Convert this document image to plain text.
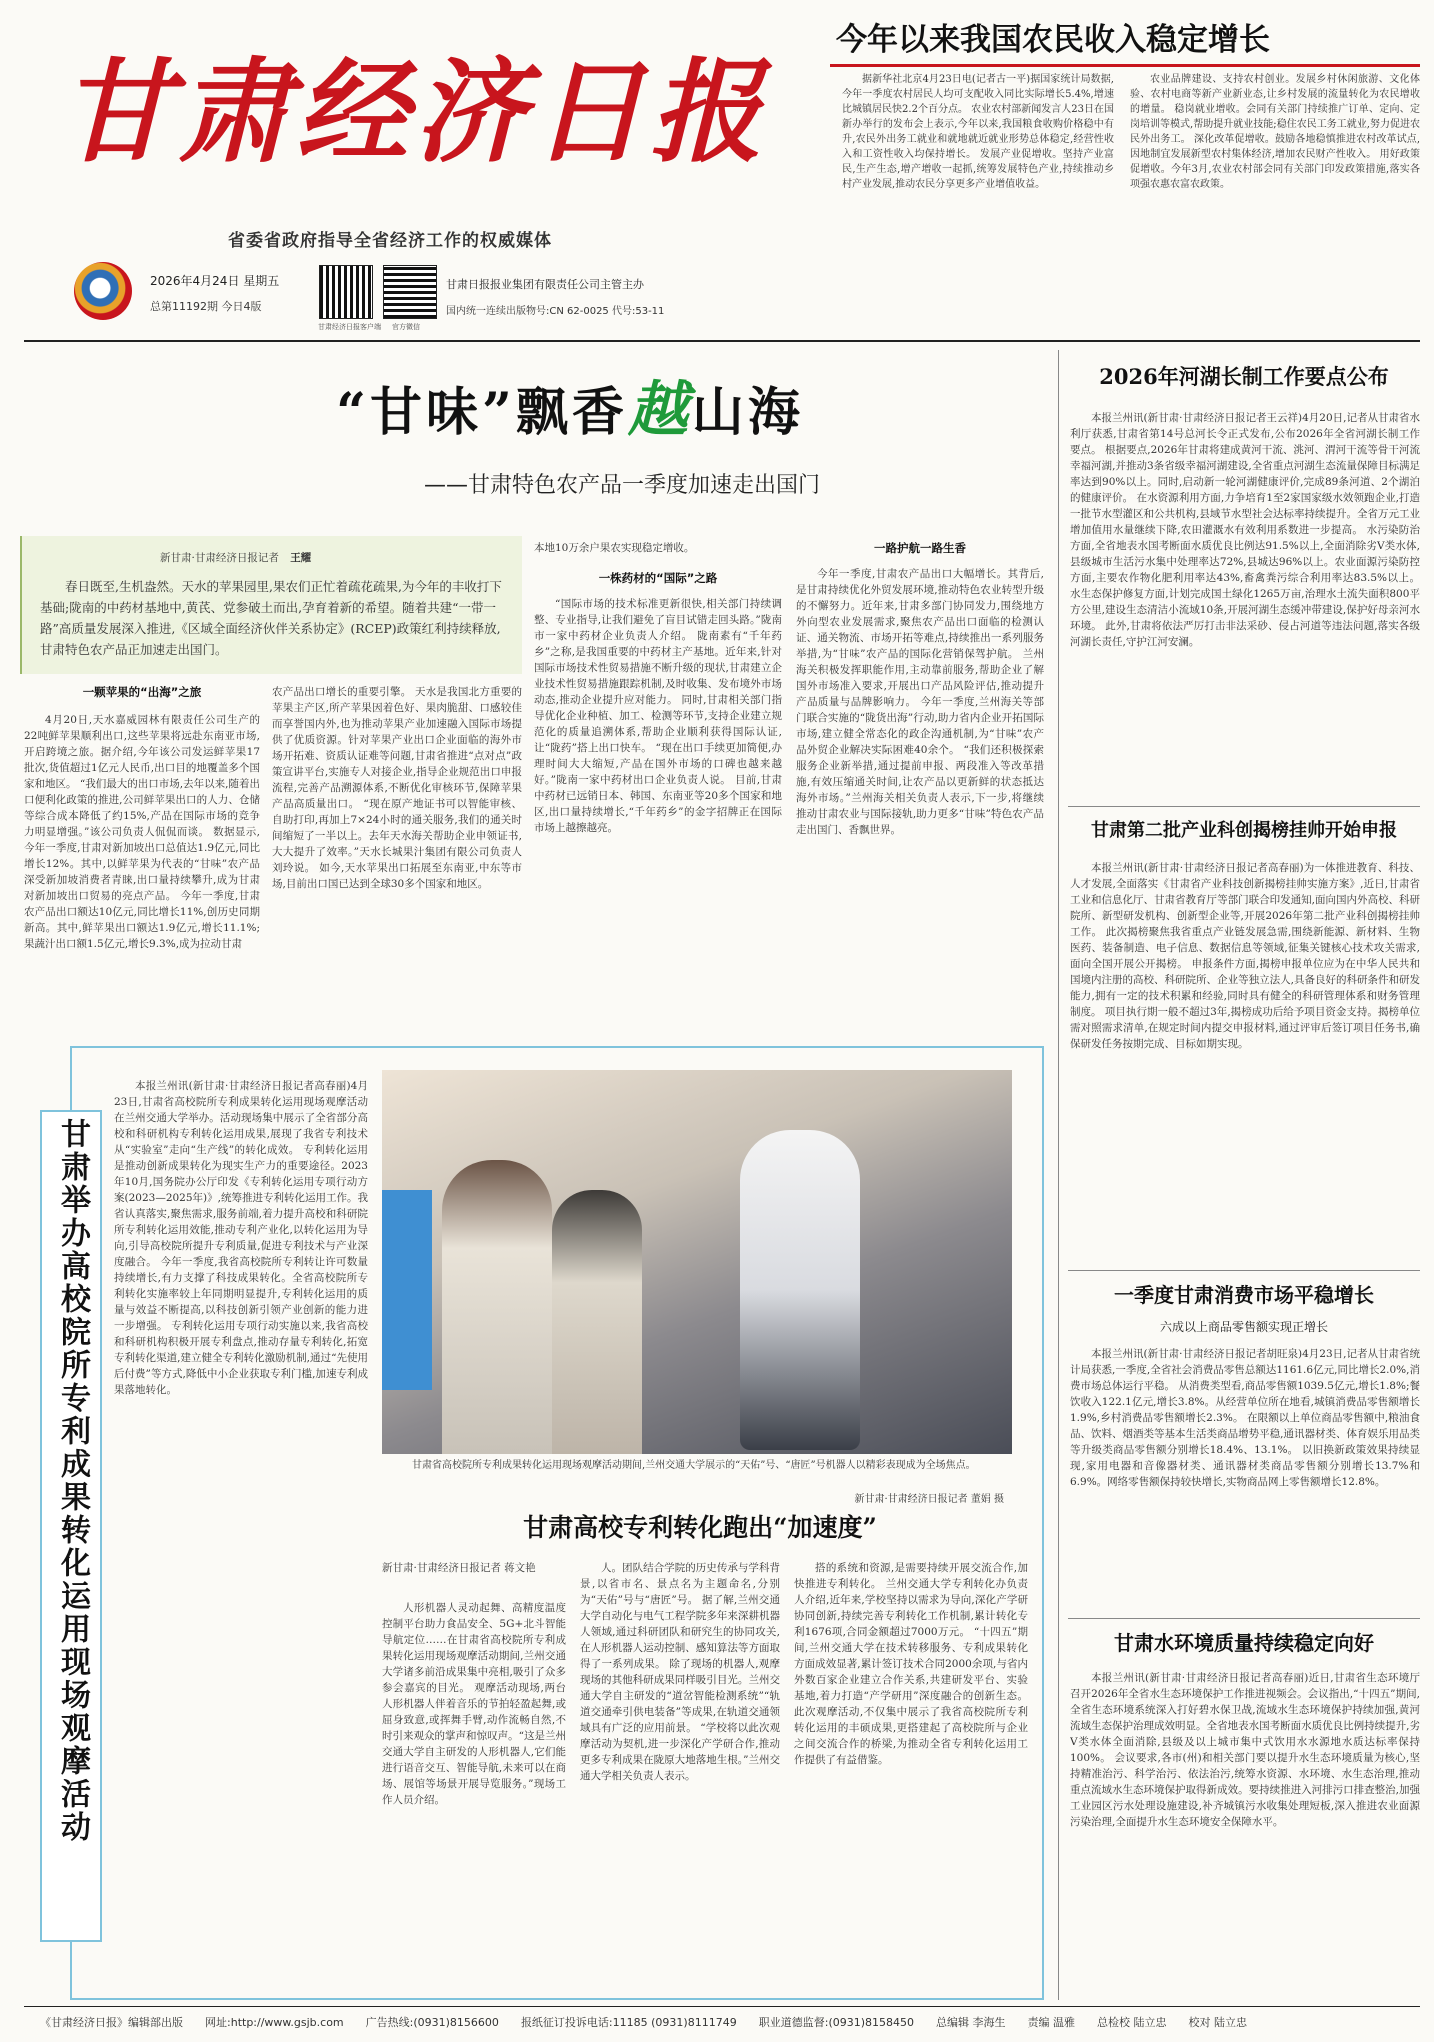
甘肃经济日报
省委省政府指导全省经济工作的权威媒体
2026年4月24日 星期五
总第11192期 今日4版
甘肃经济日报客户端 官方微信
甘肃日报报业集团有限责任公司主管主办
国内统一连续出版物号:CN 62-0025 代号:53-11
今年以来我国农民收入稳定增长
据新华社北京4月23日电(记者古一平)据国家统计局数据,今年一季度农村居民人均可支配收入同比实际增长5.4%,增速比城镇居民快2.2个百分点。 农业农村部新闻发言人23日在国新办举行的发布会上表示,今年以来,我国粮食收购价格稳中有升,农民外出务工就业和就地就近就业形势总体稳定,经营性收入和工资性收入均保持增长。 发展产业促增收。坚持产业富民,生产生态,增产增收一起抓,统筹发展特色产业,持续推动乡村产业发展,推动农民分享更多产业增值收益。
农业品牌建设、支持农村创业。发展乡村休闲旅游、文化体验、农村电商等新产业新业态,让乡村发展的流量转化为农民增收的增量。 稳岗就业增收。会同有关部门持续推广订单、定向、定岗培训等模式,帮助提升就业技能;稳住农民工务工就业,努力促进农民外出务工。 深化改革促增收。鼓励各地稳慎推进农村改革试点,因地制宜发展新型农村集体经济,增加农民财产性收入。 用好政策促增收。今年3月,农业农村部会同有关部门印发政策措施,落实各项强农惠农富农政策。
“甘味”飘香越山海
——甘肃特色农产品一季度加速走出国门
新甘肃·甘肃经济日报记者 王耀
春日既至,生机盎然。天水的苹果园里,果农们正忙着疏花疏果,为今年的丰收打下基础;陇南的中药材基地中,黄芪、党参破土而出,孕育着新的希望。随着共建“一带一路”高质量发展深入推进,《区域全面经济伙伴关系协定》(RCEP)政策红利持续释放,甘肃特色农产品正加速走出国门。
一颗苹果的“出海”之旅
4月20日,天水嘉威园林有限责任公司生产的22吨鲜苹果顺利出口,这些苹果将远赴东南亚市场,开启跨境之旅。据介绍,今年该公司发运鲜苹果17批次,货值超过1亿元人民币,出口目的地覆盖多个国家和地区。 “我们最大的出口市场,去年以来,随着出口便利化政策的推进,公司鲜苹果出口的人力、仓储等综合成本降低了约15%,产品在国际市场的竞争力明显增强。”该公司负责人侃侃而谈。 数据显示,今年一季度,甘肃对新加坡出口总值达1.9亿元,同比增长12%。其中,以鲜苹果为代表的“甘味”农产品深受新加坡消费者青睐,出口量持续攀升,成为甘肃对新加坡出口贸易的亮点产品。 今年一季度,甘肃农产品出口额达10亿元,同比增长11%,创历史同期新高。其中,鲜苹果出口额达1.9亿元,增长11.1%;果蔬汁出口额1.5亿元,增长9.3%,成为拉动甘肃
农产品出口增长的重要引擎。 天水是我国北方重要的苹果主产区,所产苹果因着色好、果肉脆甜、口感较佳而享誉国内外,也为推动苹果产业加速融入国际市场提供了优质资源。针对苹果产业出口企业面临的海外市场开拓难、资质认证难等问题,甘肃省推进“点对点”政策宣讲平台,实施专人对接企业,指导企业规范出口申报流程,完善产品溯源体系,不断优化审核环节,保障苹果产品高质量出口。 “现在原产地证书可以智能审核、自助打印,再加上7×24小时的通关服务,我们的通关时间缩短了一半以上。去年天水海关帮助企业申领证书,大大提升了效率。”天水长城果汁集团有限公司负责人刘玲说。 如今,天水苹果出口拓展至东南亚,中东等市场,目前出口国已达到全球30多个国家和地区。
本地10万余户果农实现稳定增收。
一株药材的“国际”之路
“国际市场的技术标准更新很快,相关部门持续调整、专业指导,让我们避免了盲目试错走回头路。”陇南市一家中药材企业负责人介绍。 陇南素有“千年药乡”之称,是我国重要的中药材主产基地。近年来,针对国际市场技术性贸易措施不断升级的现状,甘肃建立企业技术性贸易措施跟踪机制,及时收集、发布境外市场动态,推动企业提升应对能力。 同时,甘肃相关部门指导优化企业种植、加工、检测等环节,支持企业建立规范化的质量追溯体系,帮助企业顺利获得国际认证,让“陇药”搭上出口快车。 “现在出口手续更加简便,办理时间大大缩短,产品在国外市场的口碑也越来越好。”陇南一家中药材出口企业负责人说。 目前,甘肃中药材已远销日本、韩国、东南亚等20多个国家和地区,出口量持续增长,“千年药乡”的金字招牌正在国际市场上越擦越亮。
一路护航一路生香
今年一季度,甘肃农产品出口大幅增长。其背后,是甘肃持续优化外贸发展环境,推动特色农业转型升级的不懈努力。近年来,甘肃多部门协同发力,围绕地方外向型农业发展需求,聚焦农产品出口面临的检测认证、通关物流、市场开拓等难点,持续推出一系列服务举措,为“甘味”农产品的国际化营销保驾护航。 兰州海关积极发挥职能作用,主动靠前服务,帮助企业了解国外市场准入要求,开展出口产品风险评估,推动提升产品质量与品牌影响力。 今年一季度,兰州海关等部门联合实施的“陇货出海”行动,助力省内企业开拓国际市场,建立健全常态化的政企沟通机制,为“甘味”农产品外贸企业解决实际困难40余个。 “我们还积极探索服务企业新举措,通过提前申报、两段准入等改革措施,有效压缩通关时间,让农产品以更新鲜的状态抵达海外市场。”兰州海关相关负责人表示,下一步,将继续推动甘肃农业与国际接轨,助力更多“甘味”特色农产品走出国门、香飘世界。
2026年河湖长制工作要点公布
本报兰州讯(新甘肃·甘肃经济日报记者王云祥)4月20日,记者从甘肃省水利厅获悉,甘肃省第14号总河长令正式发布,公布2026年全省河湖长制工作要点。 根据要点,2026年甘肃将建成黄河干流、洮河、渭河干流等骨干河流幸福河湖,并推动3条省级幸福河湖建设,全省重点河湖生态流量保障目标满足率达到90%以上。同时,启动新一轮河湖健康评价,完成89条河道、2个湖泊的健康评价。 在水资源利用方面,力争培育1至2家国家级水效领跑企业,打造一批节水型灌区和公共机构,县域节水型社会达标率持续提升。全省万元工业增加值用水量继续下降,农田灌溉水有效利用系数进一步提高。 水污染防治方面,全省地表水国考断面水质优良比例达91.5%以上,全面消除劣V类水体,县级城市生活污水集中处理率达72%,县城达96%以上。农业面源污染防控方面,主要农作物化肥利用率达43%,畜禽粪污综合利用率达83.5%以上。 水生态保护修复方面,计划完成国土绿化1265万亩,治理水土流失面积800平方公里,建设生态清洁小流域10条,开展河湖生态缓冲带建设,保护好母亲河水环境。 此外,甘肃将依法严厉打击非法采砂、侵占河道等违法问题,落实各级河湖长责任,守护江河安澜。
甘肃第二批产业科创揭榜挂帅开始申报
本报兰州讯(新甘肃·甘肃经济日报记者高春丽)为一体推进教育、科技、人才发展,全面落实《甘肃省产业科技创新揭榜挂帅实施方案》,近日,甘肃省工业和信息化厅、甘肃省教育厅等部门联合印发通知,面向国内外高校、科研院所、新型研发机构、创新型企业等,开展2026年第二批产业科创揭榜挂帅工作。 此次揭榜聚焦我省重点产业链发展急需,围绕新能源、新材料、生物医药、装备制造、电子信息、数据信息等领域,征集关键核心技术攻关需求,面向全国开展公开揭榜。 申报条件方面,揭榜申报单位应为在中华人民共和国境内注册的高校、科研院所、企业等独立法人,具备良好的科研条件和研发能力,拥有一定的技术积累和经验,同时具有健全的科研管理体系和财务管理制度。 项目执行期一般不超过3年,揭榜成功后给予项目资金支持。揭榜单位需对照需求清单,在规定时间内提交申报材料,通过评审后签订项目任务书,确保研发任务按期完成、目标如期实现。
一季度甘肃消费市场平稳增长
六成以上商品零售额实现正增长
本报兰州讯(新甘肃·甘肃经济日报记者胡旺泉)4月23日,记者从甘肃省统计局获悉,一季度,全省社会消费品零售总额达1161.6亿元,同比增长2.0%,消费市场总体运行平稳。 从消费类型看,商品零售额1039.5亿元,增长1.8%;餐饮收入122.1亿元,增长3.8%。从经营单位所在地看,城镇消费品零售额增长1.9%,乡村消费品零售额增长2.3%。 在限额以上单位商品零售额中,粮油食品、饮料、烟酒类等基本生活类商品增势平稳,通讯器材类、体育娱乐用品类等升级类商品零售额分别增长18.4%、13.1%。 以旧换新政策效果持续显现,家用电器和音像器材类、通讯器材类商品零售额分别增长13.7%和6.9%。网络零售额保持较快增长,实物商品网上零售额增长12.8%。
甘肃水环境质量持续稳定向好
本报兰州讯(新甘肃·甘肃经济日报记者高春丽)近日,甘肃省生态环境厅召开2026年全省水生态环境保护工作推进视频会。会议指出,“十四五”期间,全省生态环境系统深入打好碧水保卫战,流域水生态环境保护持续加强,黄河流域生态保护治理成效明显。全省地表水国考断面水质优良比例持续提升,劣V类水体全面消除,县级及以上城市集中式饮用水水源地水质达标率保持100%。 会议要求,各市(州)和相关部门要以提升水生态环境质量为核心,坚持精准治污、科学治污、依法治污,统筹水资源、水环境、水生态治理,推动重点流域水生态环境保护取得新成效。要持续推进入河排污口排查整治,加强工业园区污水处理设施建设,补齐城镇污水收集处理短板,深入推进农业面源污染治理,全面提升水生态环境安全保障水平。
甘肃举办高校院所专利成果转化运用现场观摩活动
本报兰州讯(新甘肃·甘肃经济日报记者高春丽)4月23日,甘肃省高校院所专利成果转化运用现场观摩活动在兰州交通大学举办。活动现场集中展示了全省部分高校和科研机构专利转化运用成果,展现了我省专利技术从“实验室”走向“生产线”的转化成效。 专利转化运用是推动创新成果转化为现实生产力的重要途径。2023年10月,国务院办公厅印发《专利转化运用专项行动方案(2023—2025年)》,统筹推进专利转化运用工作。我省认真落实,聚焦需求,服务前端,着力提升高校和科研院所专利转化运用效能,推动专利产业化,以转化运用为导向,引导高校院所提升专利质量,促进专利技术与产业深度融合。 今年一季度,我省高校院所专利转让许可数量持续增长,有力支撑了科技成果转化。全省高校院所专利转化实施率较上年同期明显提升,专利转化运用的质量与效益不断提高,以科技创新引领产业创新的能力进一步增强。 专利转化运用专项行动实施以来,我省高校和科研机构积极开展专利盘点,推动存量专利转化,拓宽专利转化渠道,建立健全专利转化激励机制,通过“先使用后付费”等方式,降低中小企业获取专利门槛,加速专利成果落地转化。
甘肃省高校院所专利成果转化运用现场观摩活动期间,兰州交通大学展示的“天佑”号、“唐匠”号机器人以精彩表现成为全场焦点。
新甘肃·甘肃经济日报记者 董娟 摄
甘肃高校专利转化跑出“加速度”
新甘肃·甘肃经济日报记者 蒋文艳
人形机器人灵动起舞、高精度温度控制平台助力食品安全、5G+北斗智能导航定位……在甘肃省高校院所专利成果转化运用现场观摩活动期间,兰州交通大学诸多前沿成果集中亮相,吸引了众多参会嘉宾的目光。 观摩活动现场,两台人形机器人伴着音乐的节拍轻盈起舞,或屈身致意,或挥舞手臂,动作流畅自然,不时引来观众的掌声和惊叹声。“这是兰州交通大学自主研发的人形机器人,它们能进行语音交互、智能导航,未来可以在商场、展馆等场景开展导览服务。”现场工作人员介绍。
人。团队结合学院的历史传承与学科背景,以省市名、景点名为主题命名,分别为“天佑”号与“唐匠”号。 据了解,兰州交通大学自动化与电气工程学院多年来深耕机器人领域,通过科研团队和研究生的协同攻关,在人形机器人运动控制、感知算法等方面取得了一系列成果。 除了现场的机器人,观摩现场的其他科研成果同样吸引目光。兰州交通大学自主研发的“道岔智能检测系统”“轨道交通牵引供电装备”等成果,在轨道交通领域具有广泛的应用前景。 “学校将以此次观摩活动为契机,进一步深化产学研合作,推动更多专利成果在陇原大地落地生根。”兰州交通大学相关负责人表示。
搭的系统和资源,是需要持续开展交流合作,加快推进专利转化。 兰州交通大学专利转化办负责人介绍,近年来,学校坚持以需求为导向,深化产学研协同创新,持续完善专利转化工作机制,累计转化专利1676项,合同金额超过7000万元。 “十四五”期间,兰州交通大学在技术转移服务、专利成果转化方面成效显著,累计签订技术合同2000余项,与省内外数百家企业建立合作关系,共建研发平台、实验基地,着力打造“产学研用”深度融合的创新生态。 此次观摩活动,不仅集中展示了我省高校院所专利转化运用的丰硕成果,更搭建起了高校院所与企业之间交流合作的桥梁,为推动全省专利转化运用工作提供了有益借鉴。
《甘肃经济日报》编辑部出版 网址:http://www.gsjb.com 广告热线:(0931)8156600 报纸征订投诉电话:11185 (0931)8111749 职业道德监督:(0931)8158450 总编辑 李海生 责编 温雅 总检校 陆立忠 校对 陆立忠
